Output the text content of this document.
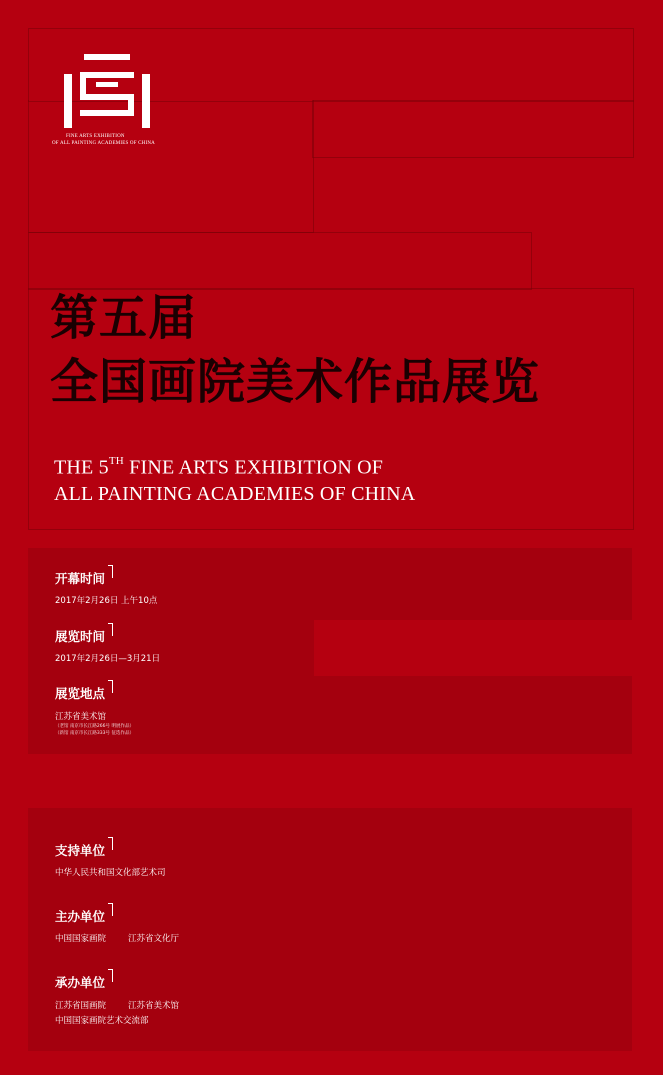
FINE ARTS EXHIBITION
OF ALL PAINTING ACADEMIES OF CHINA
第五届
全国画院美术作品展览
THE 5TH FINE ARTS EXHIBITION OF
ALL PAINTING ACADEMIES OF CHINA
开幕时间
2017年2月26日 上午10点
展览时间
2017年2月26日—3月21日
展览地点
江苏省美术馆
（老馆 南京市长江路266号 明展作品）
（新馆 南京市长江路333号 征选作品）
支持单位
中华人民共和国文化部艺术司
主办单位
中国国家画院	江苏省文化厅
承办单位
江苏省国画院	江苏省美术馆
中国国家画院艺术交流部
